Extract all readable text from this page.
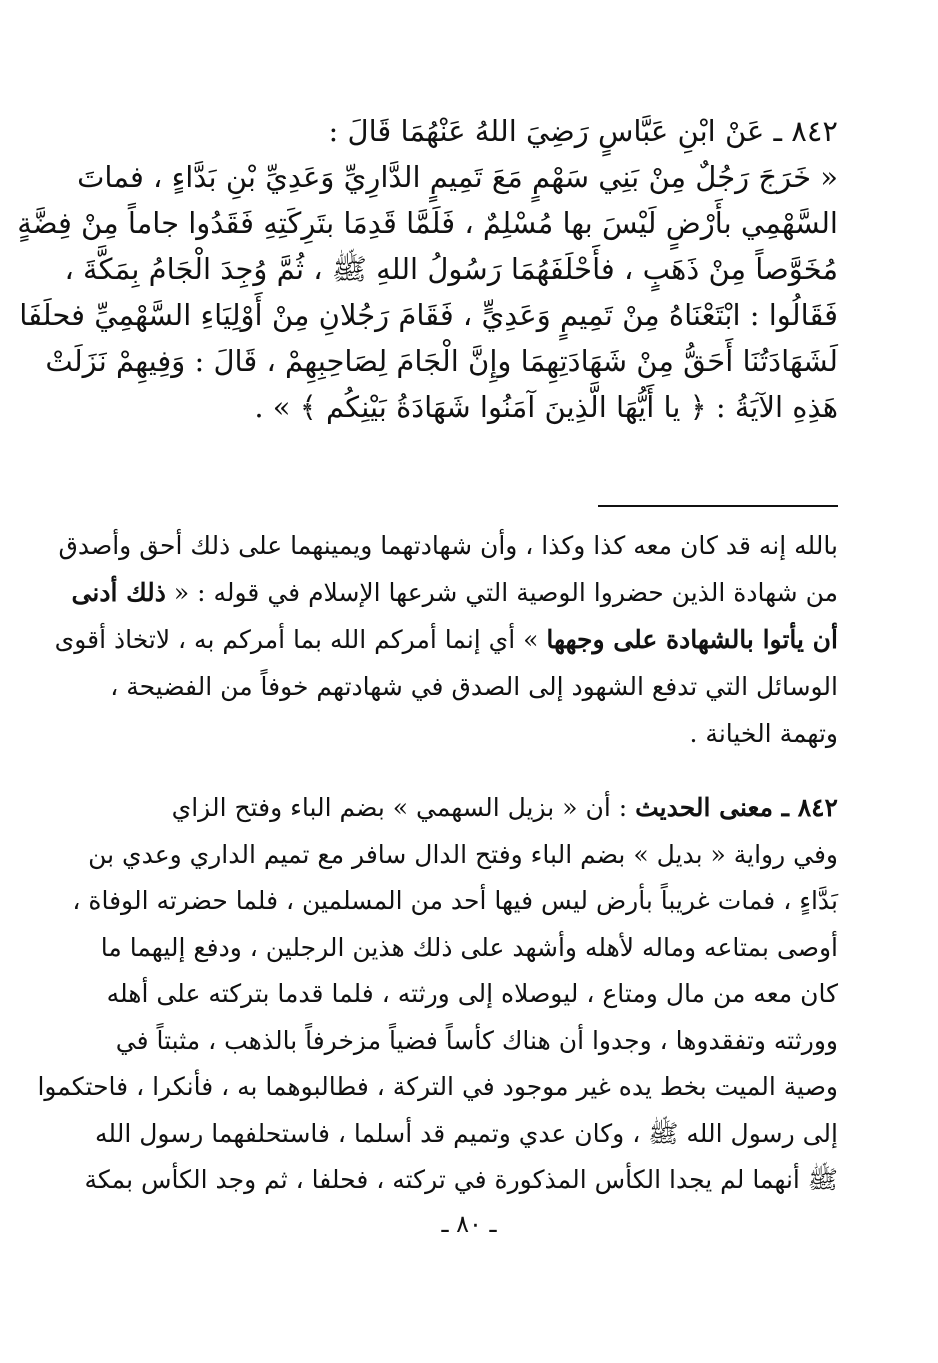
٨٤٢ ـ عَنْ ابْنِ عَبَّاسٍ رَضِيَ اللهُ عَنْهُمَا قَالَ :
« خَرَجَ رَجُلٌ مِنْ بَنِي سَهْمٍ مَعَ تَمِيمٍ الدَّارِيِّ وَعَدِيِّ بْنِ بَدَّاءٍ ، فماتَ
السَّهْمِي بأَرْضٍ لَيْسَ بها مُسْلِمٌ ، فَلَمَّا قَدِمَا بتَرِكَتِهِ فَقَدُوا جاماً مِنْ فِضَّةٍ
مُخَوَّصاً مِنْ ذَهَبٍ ، فأَحْلَفَهُمَا رَسُولُ اللهِ ﷺ ، ثُمَّ وُجِدَ الْجَامُ بِمَكَّةَ ،
فَقَالُوا : ابْتَعْنَاهُ مِنْ تَمِيمٍ وَعَدِيٍّ ، فَقَامَ رَجُلانِ مِنْ أَوْلِيَاءِ السَّهْمِيِّ فحلَفَا
لَشَهَادَتُنَا أَحَقُّ مِنْ شَهَادَتِهِمَا وإِنَّ الْجَامَ لِصَاحِبِهِمْ ، قَالَ : وَفِيهِمْ نَزَلَتْ
هَذِهِ الآيَةُ : ﴿ يا أَيُّهَا الَّذِينَ آمَنُوا شَهَادَةُ بَيْنِكُم ﴾ » .
بالله إنه قد كان معه كذا وكذا ، وأن شهادتهما ويمينهما على ذلك أحق وأصدق
من شهادة الذين حضروا الوصية التي شرعها الإسلام في قوله : « ذلك أدنى
أن يأتوا بالشهادة على وجهها » أي إنما أمركم الله بما أمركم به ، لاتخاذ أقوى
الوسائل التي تدفع الشهود إلى الصدق في شهادتهم خوفاً من الفضيحة ،
وتهمة الخيانة .
٨٤٢ ـ معنى الحديث : أن « بزيل السهمي » بضم الباء وفتح الزاي
وفي رواية « بديل » بضم الباء وفتح الدال سافر مع تميم الداري وعدي بن
بَدَّاءٍ ، فمات غريباً بأرض ليس فيها أحد من المسلمين ، فلما حضرته الوفاة ،
أوصى بمتاعه وماله لأهله وأشهد على ذلك هذين الرجلين ، ودفع إليهما ما
كان معه من مال ومتاع ، ليوصلاه إلى ورثته ، فلما قدما بتركته على أهله
وورثته وتفقدوها ، وجدوا أن هناك كأساً فضياً مزخرفاً بالذهب ، مثبتاً في
وصية الميت بخط يده غير موجود في التركة ، فطالبوهما به ، فأنكرا ، فاحتكموا
إلى رسول الله ﷺ ، وكان عدي وتميم قد أسلما ، فاستحلفهما رسول الله
ﷺ أنهما لم يجدا الكأس المذكورة في تركته ، فحلفا ، ثم وجد الكأس بمكة
ـ ٨٠ ـ
